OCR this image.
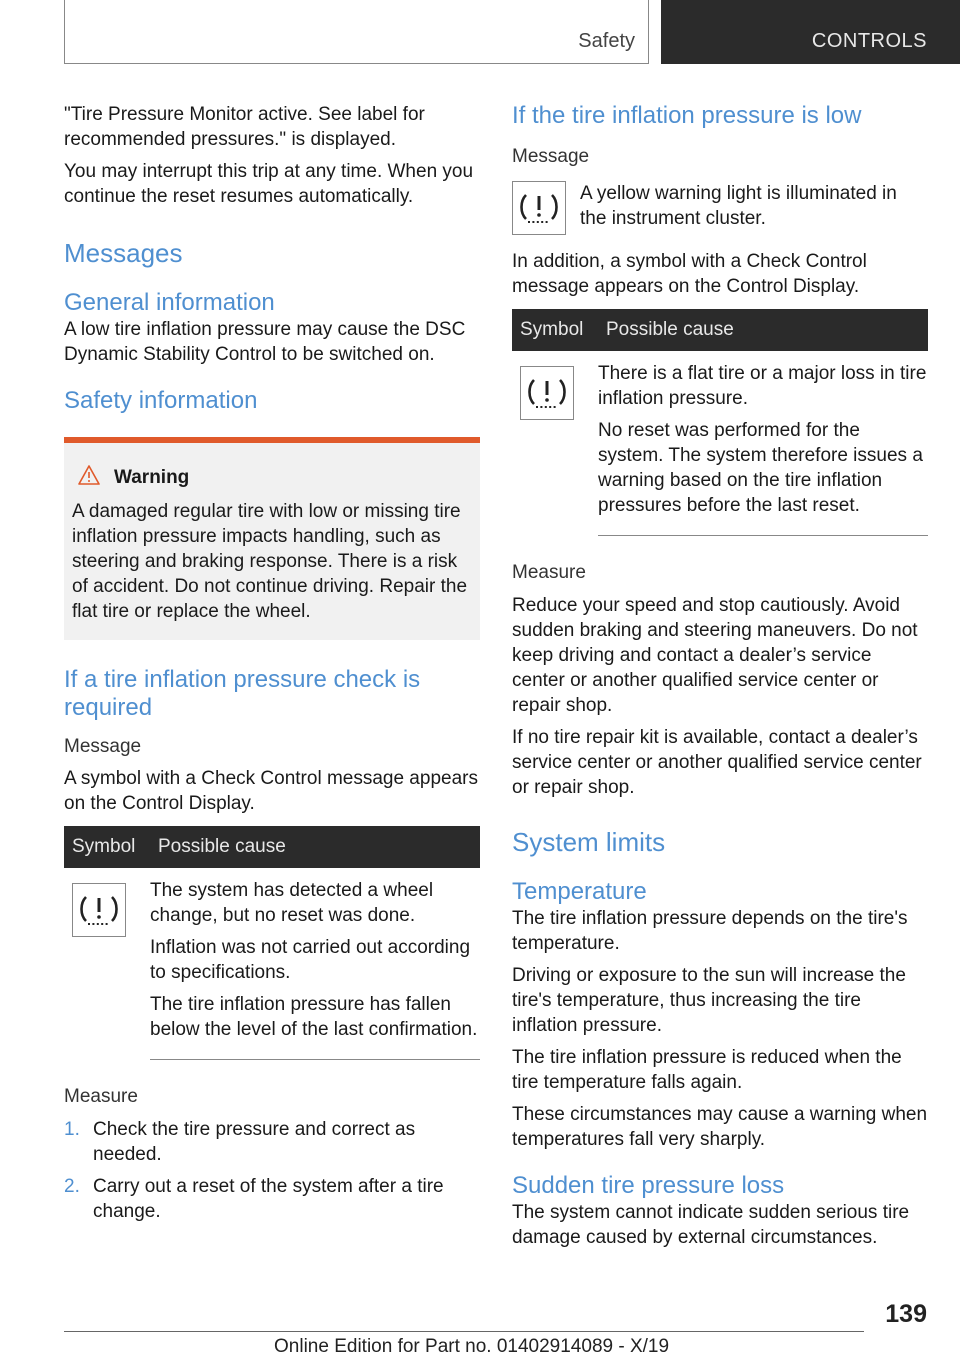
Safety	CONTROLS

"Tire Pressure Monitor active. See label for recommended pressures." is displayed.

You may interrupt this trip at any time. When you continue the reset resumes automatically.

Messages
General information

A low tire inflation pressure may cause the DSC Dynamic Stability Control to be switched on.

Safety information
Warning

A damaged regular tire with low or missing tire inflation pressure impacts handling, such as steering and braking response. There is a risk of accident. Do not continue driving. Repair the flat tire or replace the wheel.

If a tire inflation pressure check is required

Message

A symbol with a Check Control message appears on the Control Display.

Symbol	Possible cause

The system has detected a wheel change, but no reset was done.

Inflation was not carried out according to specifications.

The tire inflation pressure has fallen below the level of the last confirmation.

Measure

1. Check the tire pressure and correct as needed.
2. Carry out a reset of the system after a tire change.
If the tire inflation pressure is low

Message

A yellow warning light is illuminated in the instrument cluster.

In addition, a symbol with a Check Control message appears on the Control Display.

Symbol	Possible cause

There is a flat tire or a major loss in tire inflation pressure.

No reset was performed for the system. The system therefore issues a warning based on the tire inflation pressures before the last reset.

Measure

Reduce your speed and stop cautiously. Avoid sudden braking and steering maneuvers. Do not keep driving and contact a dealer’s service center or another qualified service center or repair shop.

If no tire repair kit is available, contact a dealer’s service center or another qualified service center or repair shop.

System limits
Temperature

The tire inflation pressure depends on the tire's temperature.

Driving or exposure to the sun will increase the tire's temperature, thus increasing the tire inflation pressure.

The tire inflation pressure is reduced when the tire temperature falls again.

These circumstances may cause a warning when temperatures fall very sharply.

Sudden tire pressure loss

The system cannot indicate sudden serious tire damage caused by external circumstances.

139
Online Edition for Part no. 01402914089 - X/19
